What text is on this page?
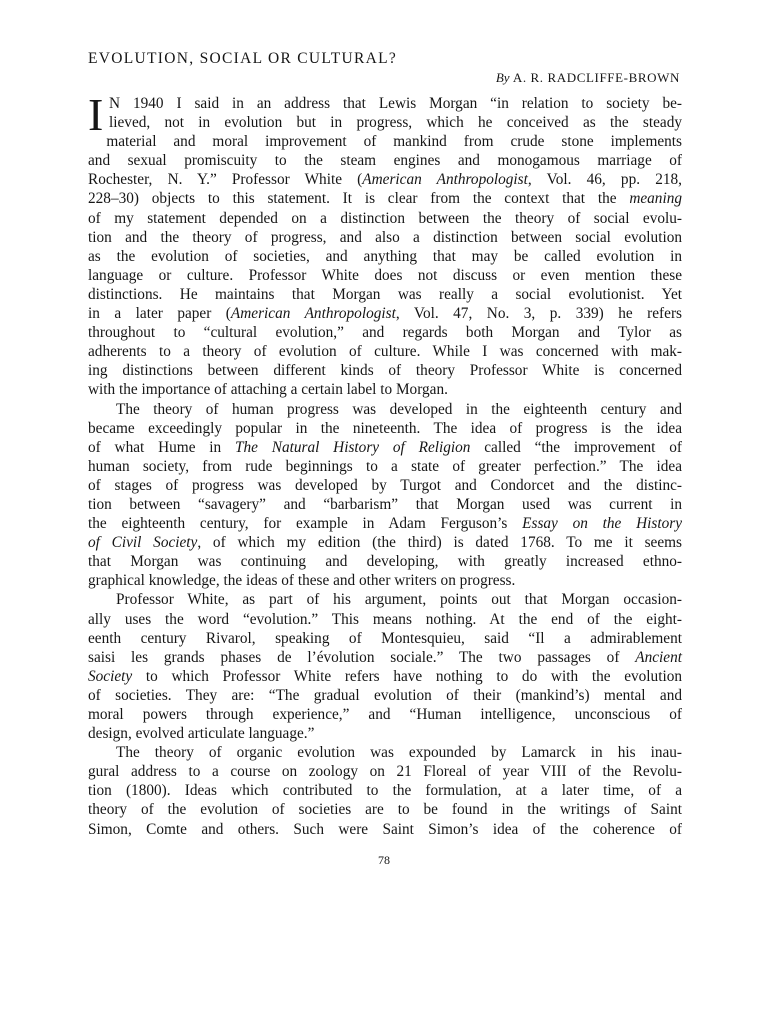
EVOLUTION, SOCIAL OR CULTURAL?
By A. R. RADCLIFFE-BROWN
I N 1940 I said in an address that Lewis Morgan “in relation to society be-
lieved, not in evolution but in progress, which he conceived as the steady
material and moral improvement of mankind from crude stone implements
and sexual promiscuity to the steam engines and monogamous marriage of
Rochester, N. Y.” Professor White (American Anthropologist, Vol. 46, pp. 218,
228–30) objects to this statement. It is clear from the context that the meaning
of my statement depended on a distinction between the theory of social evolu-
tion and the theory of progress, and also a distinction between social evolution
as the evolution of societies, and anything that may be called evolution in
language or culture. Professor White does not discuss or even mention these
distinctions. He maintains that Morgan was really a social evolutionist. Yet
in a later paper (American Anthropologist, Vol. 47, No. 3, p. 339) he refers
throughout to “cultural evolution,” and regards both Morgan and Tylor as
adherents to a theory of evolution of culture. While I was concerned with mak-
ing distinctions between different kinds of theory Professor White is concerned
with the importance of attaching a certain label to Morgan.
The theory of human progress was developed in the eighteenth century and
became exceedingly popular in the nineteenth. The idea of progress is the idea
of what Hume in The Natural History of Religion called “the improvement of
human society, from rude beginnings to a state of greater perfection.” The idea
of stages of progress was developed by Turgot and Condorcet and the distinc-
tion between “savagery” and “barbarism” that Morgan used was current in
the eighteenth century, for example in Adam Ferguson’s Essay on the History
of Civil Society, of which my edition (the third) is dated 1768. To me it seems
that Morgan was continuing and developing, with greatly increased ethno-
graphical knowledge, the ideas of these and other writers on progress.
Professor White, as part of his argument, points out that Morgan occasion-
ally uses the word “evolution.” This means nothing. At the end of the eight-
eenth century Rivarol, speaking of Montesquieu, said “Il a admirablement
saisi les grands phases de l’évolution sociale.” The two passages of Ancient
Society to which Professor White refers have nothing to do with the evolution
of societies. They are: “The gradual evolution of their (mankind’s) mental and
moral powers through experience,” and “Human intelligence, unconscious of
design, evolved articulate language.”
The theory of organic evolution was expounded by Lamarck in his inau-
gural address to a course on zoology on 21 Floreal of year VIII of the Revolu-
tion (1800). Ideas which contributed to the formulation, at a later time, of a
theory of the evolution of societies are to be found in the writings of Saint
Simon, Comte and others. Such were Saint Simon’s idea of the coherence of
78
